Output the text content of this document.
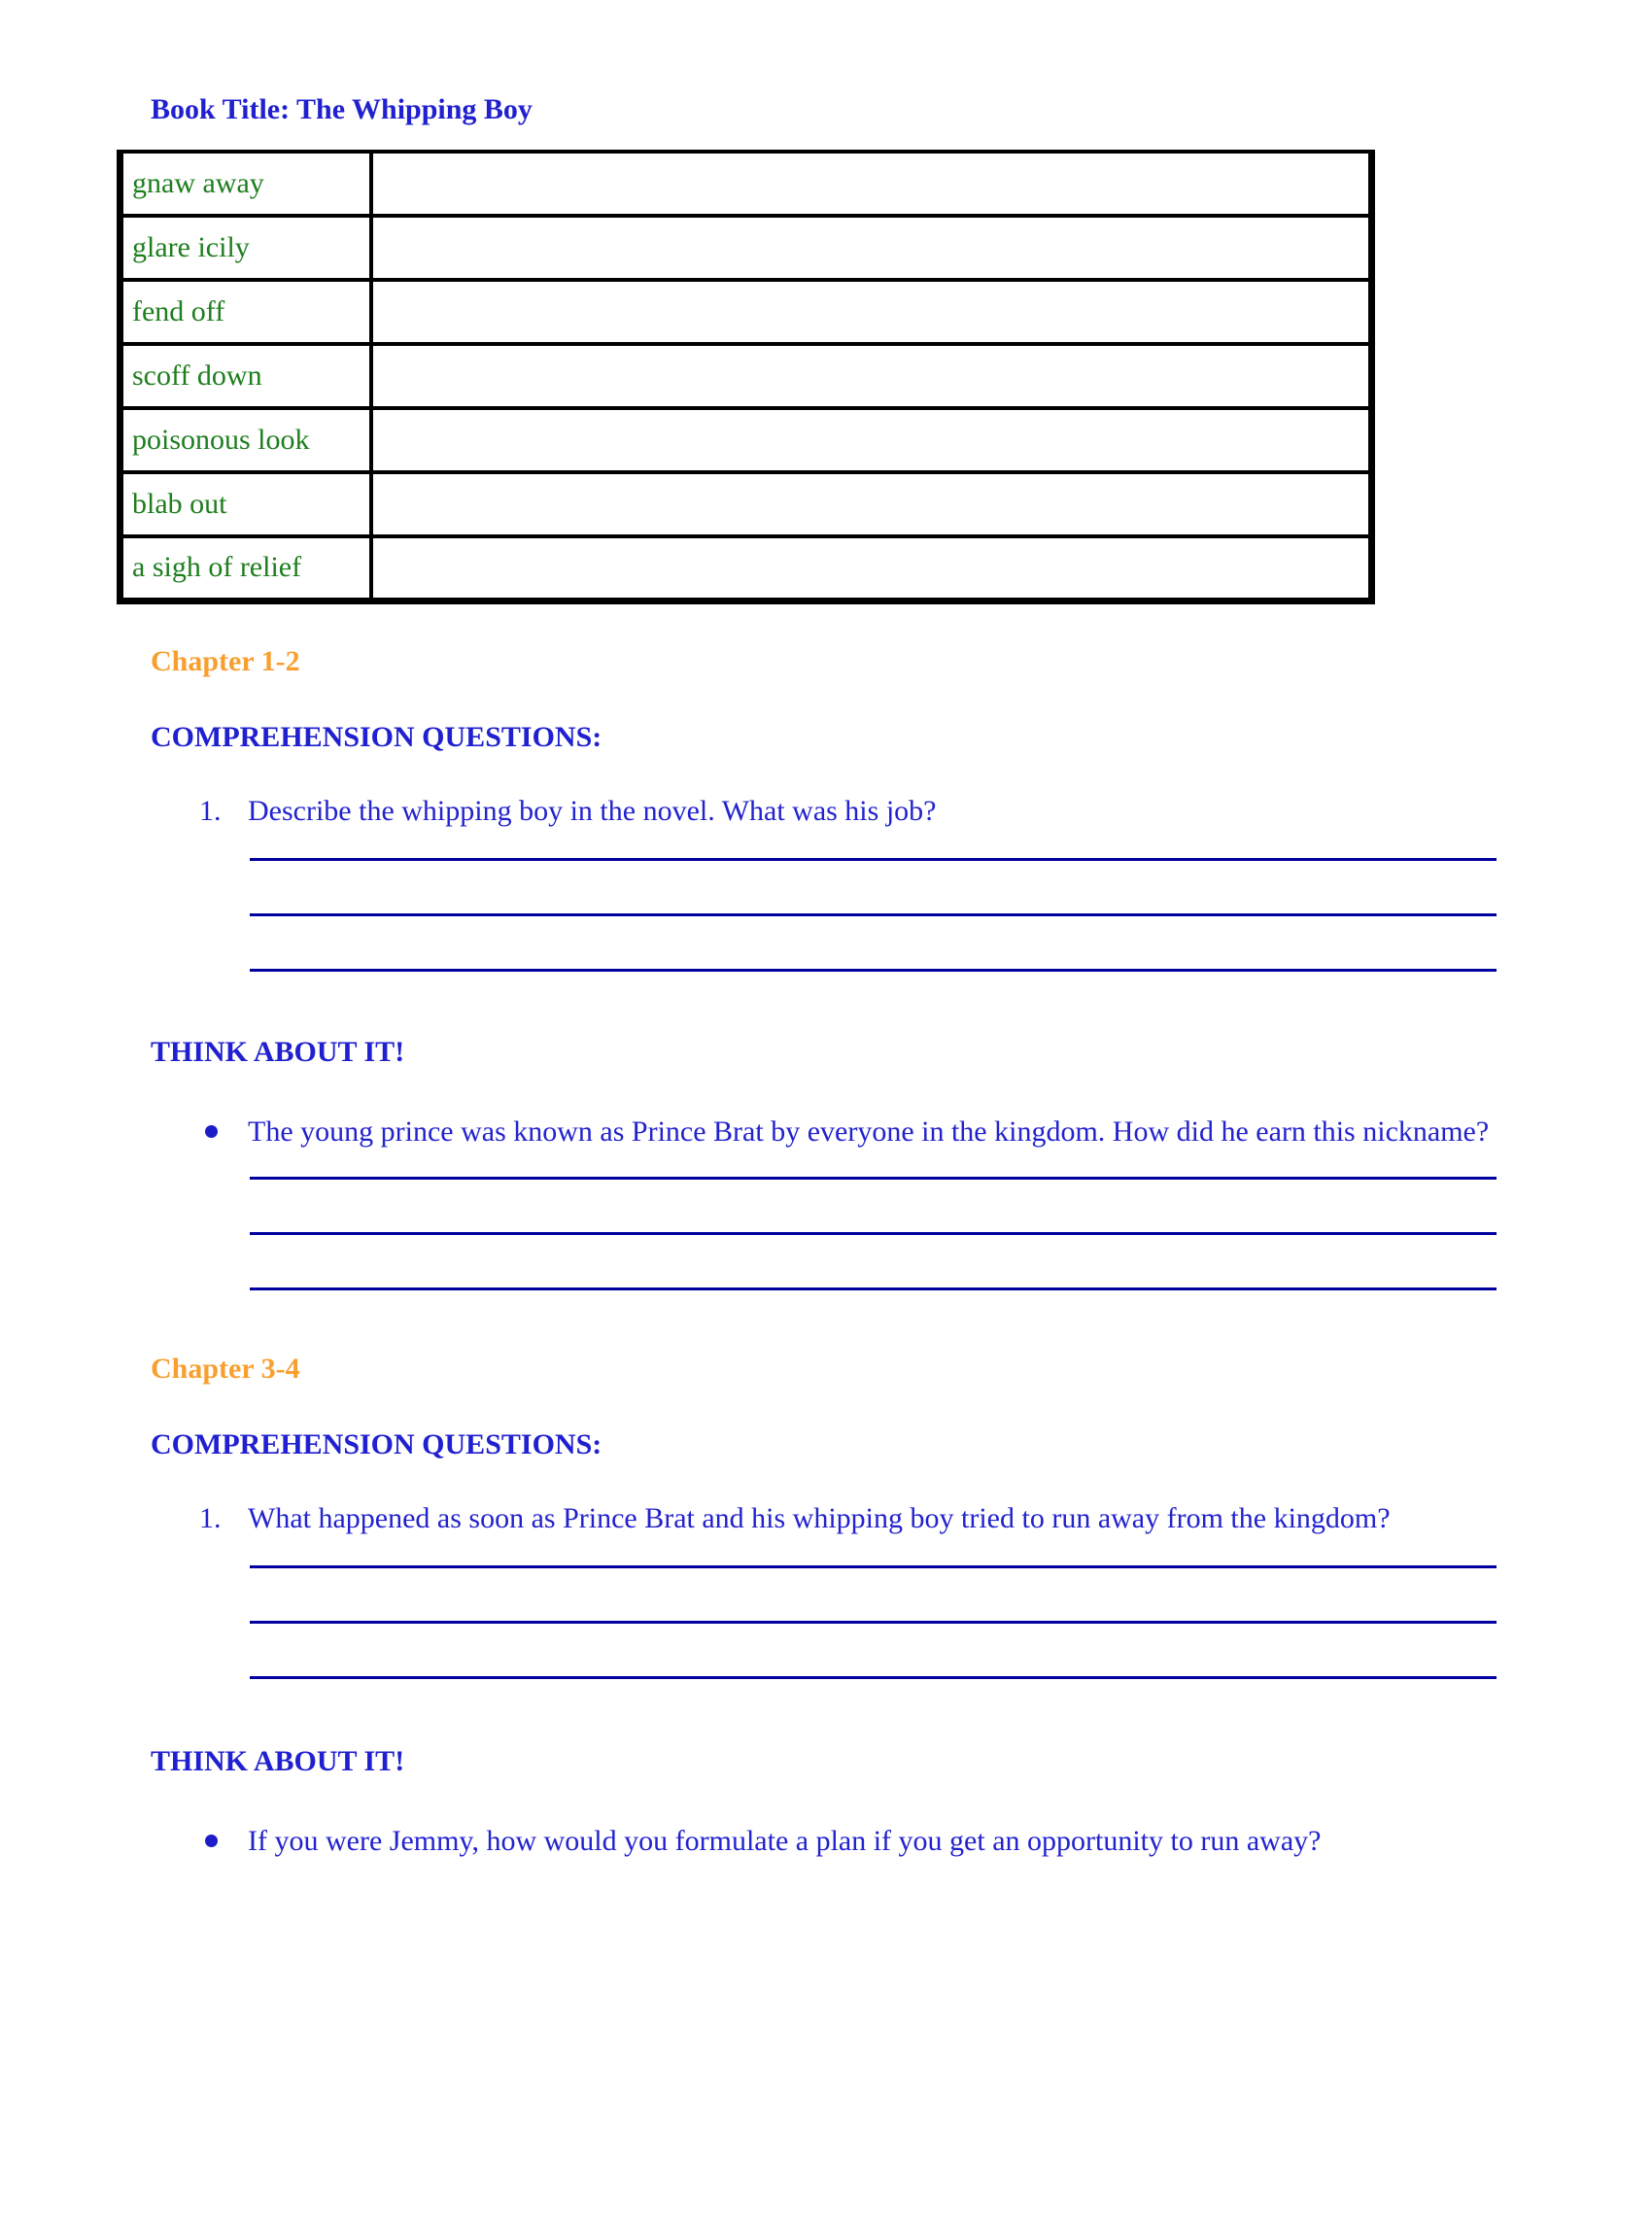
Book Title: The Whipping Boy
gnaw away	
glare icily	
fend off	
scoff down	
poisonous look	
blab out	
a sigh of relief	
Chapter 1-2
COMPREHENSION QUESTIONS:
1. Describe the whipping boy in the novel. What was his job?
THINK ABOUT IT!
The young prince was known as Prince Brat by everyone in the kingdom. How did he earn this nickname?
Chapter 3-4
COMPREHENSION QUESTIONS:
1. What happened as soon as Prince Brat and his whipping boy tried to run away from the kingdom?
THINK ABOUT IT!
If you were Jemmy, how would you formulate a plan if you get an opportunity to run away?
